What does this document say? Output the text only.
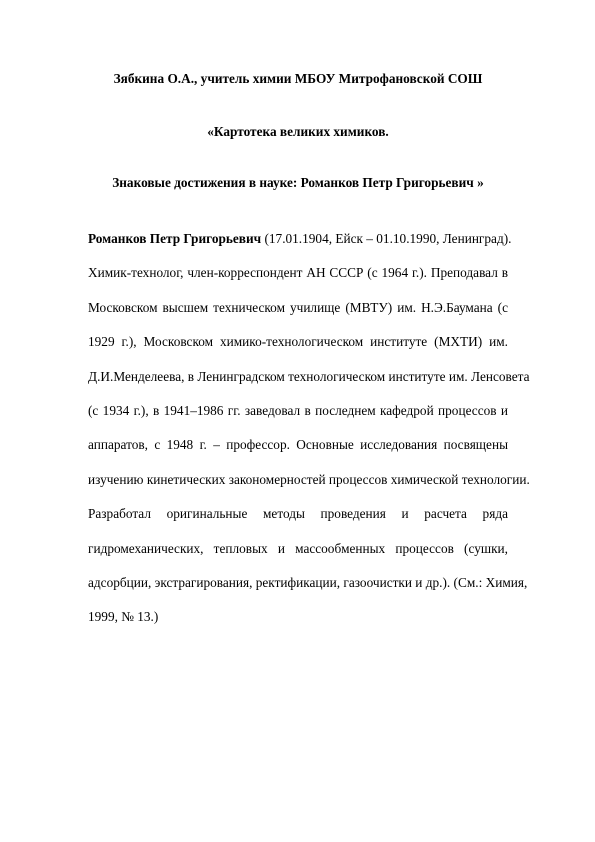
Зябкина О.А., учитель химии МБОУ Митрофановской СОШ
«Картотека великих химиков.
Знаковые достижения в науке: Романков Петр Григорьевич »
Романков Петр Григорьевич (17.01.1904, Ейск – 01.10.1990, Ленинград).
Химик-технолог, член-корреспондент АН СССР (с 1964 г.). Преподавал в
Московском высшем техническом училище (МВТУ) им. Н.Э.Баумана (с
1929 г.), Московском химико-технологическом институте (МХТИ) им.
Д.И.Менделеева, в Ленинградском технологическом институте им. Ленсовета
(с 1934 г.), в 1941–1986 гг. заведовал в последнем кафедрой процессов и
аппаратов, с 1948 г. – профессор. Основные исследования посвящены
изучению кинетических закономерностей процессов химической технологии.
Разработал оригинальные методы проведения и расчета ряда
гидромеханических, тепловых и массообменных процессов (сушки,
адсорбции, экстрагирования, ректификации, газоочистки и др.). (См.: Химия,
1999, № 13.)
